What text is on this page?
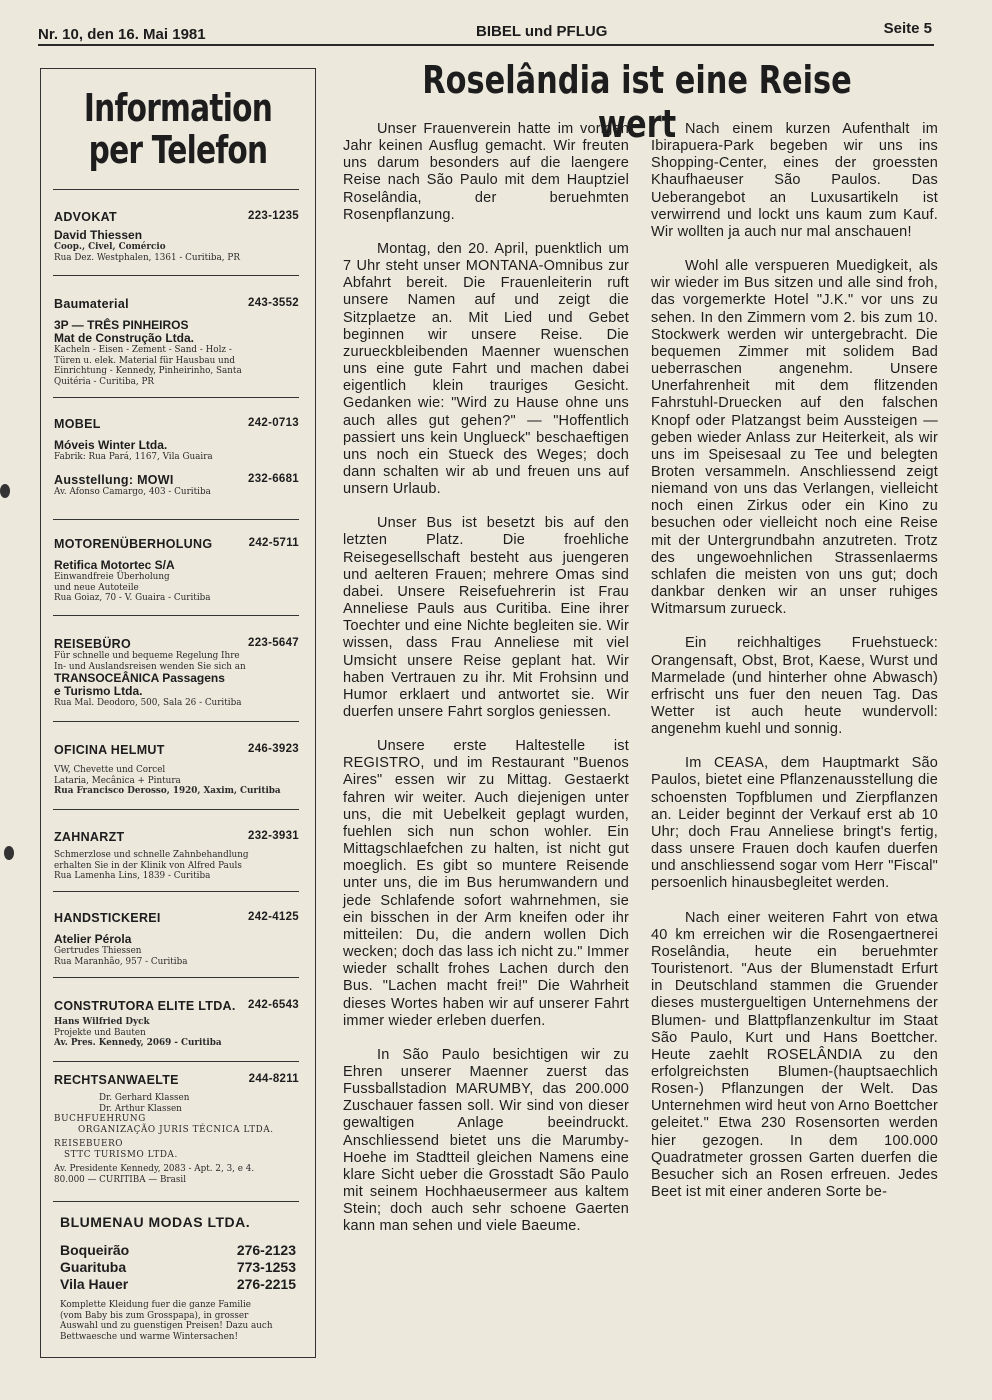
Nr. 10, den 16. Mai 1981	BIBEL und PFLUG	Seite 5
Information
per Telefon
ADVOKAT	223-1235
David Thiessen
Coop., Civel, Comércio
Rua Dez. Westphalen, 1361 - Curitiba, PR
Baumaterial	243-3552
3P — TRÊS PINHEIROS
Mat de Construção Ltda.
Kacheln - Eisen - Zement - Sand - Holz -
Türen u. elek. Material für Hausbau und
Einrichtung - Kennedy, Pinheirinho, Santa
Quitéria - Curitiba, PR
MOBEL	242-0713
Móveis Winter Ltda.
Fabrik: Rua Pará, 1167, Vila Guaira
Ausstellung: MOWI	232-6681
Av. Afonso Camargo, 403 - Curitiba
MOTORENÜBERHOLUNG	242-5711
Retifica Motortec S/A
Einwandfreie Überholung
und neue Autoteile
Rua Goiaz, 70 - V. Guaira - Curitiba
REISEBÜRO	223-5647
Für schnelle und bequeme Regelung Ihre
In- und Auslandsreisen wenden Sie sich an
TRANSOCEÂNICA Passagens
e Turismo Ltda.
Rua Mal. Deodoro, 500, Sala 26 - Curitiba
OFICINA HELMUT	246-3923
VW, Chevette und Corcel
Lataria, Mecânica + Pintura
Rua Francisco Derosso, 1920, Xaxim, Curitiba
ZAHNARZT	232-3931
Schmerzlose und schnelle Zahnbehandlung
erhalten Sie in der Klinik von Alfred Pauls
Rua Lamenha Lins, 1839 - Curitiba
HANDSTICKEREI	242-4125
Atelier Pérola
Gertrudes Thiessen
Rua Maranhão, 957 - Curitiba
CONSTRUTORA ELITE LTDA. 242-6543
Hans Wilfried Dyck
Projekte und Bauten
Av. Pres. Kennedy, 2069 - Curitiba
RECHTSANWAELTE	244-8211
Dr. Gerhard Klassen
Dr. Arthur Klassen
BUCHFUEHRUNG
ORGANIZAÇÃO JURIS TÉCNICA LTDA.
REISEBUERO
STTC TURISMO LTDA.
Av. Presidente Kennedy, 2083 - Apt. 2, 3, e 4.
80.000 — CURITIBA — Brasil
BLUMENAU MODAS LTDA.
Boqueirão	276-2123
Guarituba	773-1253
Vila Hauer	276-2215
Komplette Kleidung fuer die ganze Familie
(vom Baby bis zum Grosspapa), in grosser
Auswahl und zu guenstigen Preisen! Dazu auch
Bettwaesche und warme Wintersachen!
Roselândia ist eine Reise wert

Unser Frauenverein hatte im vorigen Jahr keinen Ausflug gemacht. Wir freuten uns darum besonders auf die laengere Reise nach São Paulo mit dem Hauptziel Roselândia, der beruehmten Rosenpflanzung.

Montag, den 20. April, puenktlich um 7 Uhr steht unser MONTANA-Omnibus zur Abfahrt bereit. Die Frauenleiterin ruft unsere Namen auf und zeigt die Sitzplaetze an. Mit Lied und Gebet beginnen wir unsere Reise. Die zurueckbleibenden Maenner wuenschen uns eine gute Fahrt und machen dabei eigentlich klein trauriges Gesicht. Gedanken wie: "Wird zu Hause ohne uns auch alles gut gehen?" — "Hoffentlich passiert uns kein Unglueck" beschaeftigen uns noch ein Stueck des Weges; doch dann schalten wir ab und freuen uns auf unsern Urlaub.

Unser Bus ist besetzt bis auf den letzten Platz. Die froehliche Reisegesellschaft besteht aus juengeren und aelteren Frauen; mehrere Omas sind dabei. Unsere Reisefuehrerin ist Frau Anneliese Pauls aus Curitiba. Eine ihrer Toechter und eine Nichte begleiten sie. Wir wissen, dass Frau Anneliese mit viel Umsicht unsere Reise geplant hat. Wir haben Vertrauen zu ihr. Mit Frohsinn und Humor erklaert und antwortet sie. Wir duerfen unsere Fahrt sorglos geniessen.

Unsere erste Haltestelle ist REGISTRO, und im Restaurant "Buenos Aires" essen wir zu Mittag. Gestaerkt fahren wir weiter. Auch diejenigen unter uns, die mit Uebelkeit geplagt wurden, fuehlen sich nun schon wohler. Ein Mittagschlaefchen zu halten, ist nicht gut moeglich. Es gibt so muntere Reisende unter uns, die im Bus herumwandern und jede Schlafende sofort wahrnehmen, sie ein bisschen in der Arm kneifen oder ihr mitteilen: Du, die andern wollen Dich wecken; doch das lass ich nicht zu." Immer wieder schallt frohes Lachen durch den Bus. "Lachen macht frei!" Die Wahrheit dieses Wortes haben wir auf unserer Fahrt immer wieder erleben duerfen.

In São Paulo besichtigen wir zu Ehren unserer Maenner zuerst das Fussballstadion MARUMBY, das 200.000 Zuschauer fassen soll. Wir sind von dieser gewaltigen Anlage beeindruckt. Anschliessend bietet uns die Marumby-Hoehe im Stadtteil gleichen Namens eine klare Sicht ueber die Grosstadt São Paulo mit seinem Hochhaeusermeer aus kaltem Stein; doch auch sehr schoene Gaerten kann man sehen und viele Baeume.

Nach einem kurzen Aufenthalt im Ibirapuera-Park begeben wir uns ins Shopping-Center, eines der groessten Khaufhaeuser São Paulos. Das Ueberangebot an Luxusartikeln ist verwirrend und lockt uns kaum zum Kauf. Wir wollten ja auch nur mal anschauen!

Wohl alle verspueren Muedigkeit, als wir wieder im Bus sitzen und alle sind froh, das vorgemerkte Hotel "J.K." vor uns zu sehen. In den Zimmern vom 2. bis zum 10. Stockwerk werden wir untergebracht. Die bequemen Zimmer mit solidem Bad ueberraschen angenehm. Unsere Unerfahrenheit mit dem flitzenden Fahrstuhl-Druecken auf den falschen Knopf oder Platzangst beim Aussteigen — geben wieder Anlass zur Heiterkeit, als wir uns im Speisesaal zu Tee und belegten Broten versammeln. Anschliessend zeigt niemand von uns das Verlangen, vielleicht noch einen Zirkus oder ein Kino zu besuchen oder vielleicht noch eine Reise mit der Untergrundbahn anzutreten. Trotz des ungewoehnlichen Strassenlaerms schlafen die meisten von uns gut; doch dankbar denken wir an unser ruhiges Witmarsum zurueck.

Ein reichhaltiges Fruehstueck: Orangensaft, Obst, Brot, Kaese, Wurst und Marmelade (und hinterher ohne Abwasch) erfrischt uns fuer den neuen Tag. Das Wetter ist auch heute wundervoll: angenehm kuehl und sonnig.

Im CEASA, dem Hauptmarkt São Paulos, bietet eine Pflanzenausstellung die schoensten Topfblumen und Zierpflanzen an. Leider beginnt der Verkauf erst ab 10 Uhr; doch Frau Anneliese bringt's fertig, dass unsere Frauen doch kaufen duerfen und anschliessend sogar vom Herr "Fiscal" persoenlich hinausbegleitet werden.

Nach einer weiteren Fahrt von etwa 40 km erreichen wir die Rosengaertnerei Roselândia, heute ein beruehmter Touristenort. "Aus der Blumenstadt Erfurt in Deutschland stammen die Gruender dieses mustergueltigen Unternehmens der Blumen- und Blattpflanzenkultur im Staat São Paulo, Kurt und Hans Boettcher. Heute zaehlt ROSELÂNDIA zu den erfolgreichsten Blumen-(hauptsaechlich Rosen-) Pflanzungen der Welt. Das Unternehmen wird heut von Arno Boettcher geleitet." Etwa 230 Rosensorten werden hier gezogen. In dem 100.000 Quadratmeter grossen Garten duerfen die Besucher sich an Rosen erfreuen. Jedes Beet ist mit einer anderen Sorte be-
